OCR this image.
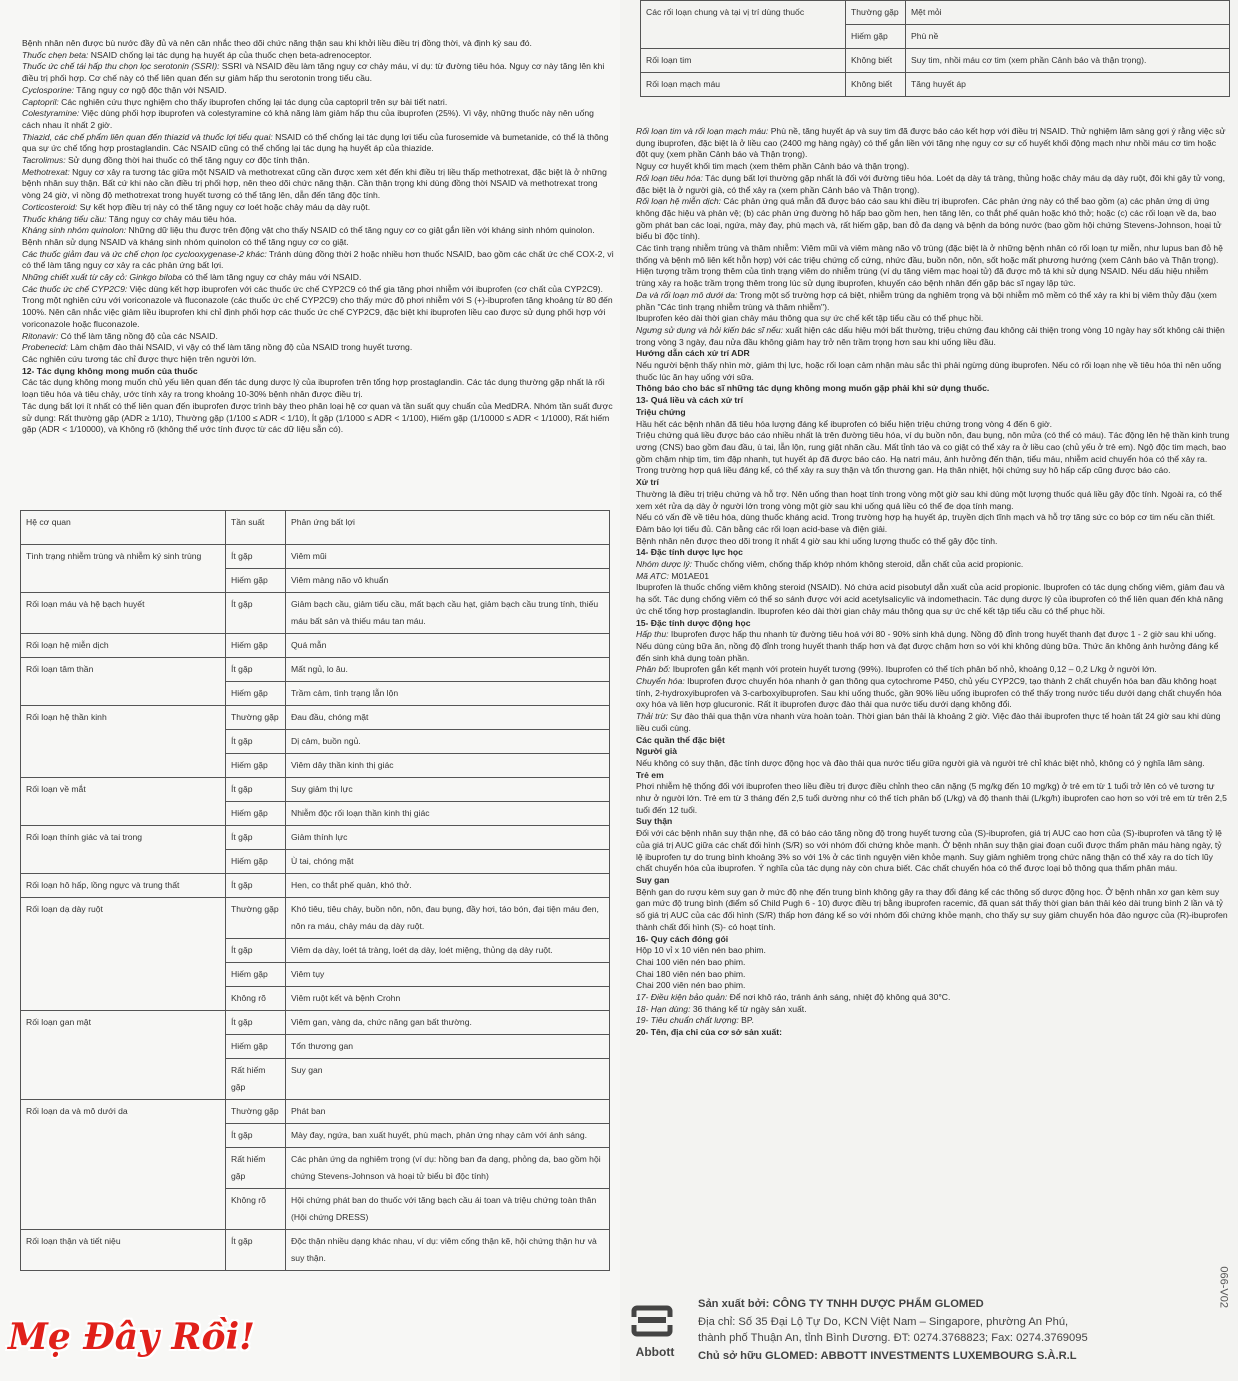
Bệnh nhân nên được bù nước đầy đủ và nên cân nhắc theo dõi chức năng thận sau khi khởi liều điều trị đồng thời, và định kỳ sau đó.

Thuốc chẹn beta: NSAID chống lại tác dụng hạ huyết áp của thuốc chẹn beta-adrenoceptor.

Thuốc ức chế tái hấp thu chọn lọc serotonin (SSRI): SSRI và NSAID đều làm tăng nguy cơ chảy máu, ví dụ: từ đường tiêu hóa. Nguy cơ này tăng lên khi điều trị phối hợp. Cơ chế này có thể liên quan đến sự giảm hấp thu serotonin trong tiểu cầu.

Cyclosporine: Tăng nguy cơ ngộ độc thận với NSAID.

Captopril: Các nghiên cứu thực nghiệm cho thấy ibuprofen chống lại tác dụng của captopril trên sự bài tiết natri.

Colestyramine: Việc dùng phối hợp ibuprofen và colestyramine có khả năng làm giảm hấp thu của ibuprofen (25%). Vì vậy, những thuốc này nên uống cách nhau ít nhất 2 giờ.

Thiazid, các chế phẩm liên quan đến thiazid và thuốc lợi tiểu quai: NSAID có thể chống lại tác dụng lợi tiểu của furosemide và bumetanide, có thể là thông qua sự ức chế tổng hợp prostaglandin. Các NSAID cũng có thể chống lại tác dụng hạ huyết áp của thiazide.

Tacrolimus: Sử dụng đồng thời hai thuốc có thể tăng nguy cơ độc tính thận.

Methotrexat: Nguy cơ xảy ra tương tác giữa một NSAID và methotrexat cũng cần được xem xét đến khi điều trị liều thấp methotrexat, đặc biệt là ở những bệnh nhân suy thận. Bất cứ khi nào cần điều trị phối hợp, nên theo dõi chức năng thận. Cần thận trọng khi dùng đồng thời NSAID và methotrexat trong vòng 24 giờ, vì nồng độ methotrexat trong huyết tương có thể tăng lên, dẫn đến tăng độc tính.

Corticosteroid: Sự kết hợp điều trị này có thể tăng nguy cơ loét hoặc chảy máu dạ dày ruột.

Thuốc kháng tiểu cầu: Tăng nguy cơ chảy máu tiêu hóa.

Kháng sinh nhóm quinolon: Những dữ liệu thu được trên động vật cho thấy NSAID có thể tăng nguy cơ co giật gắn liền với kháng sinh nhóm quinolon. Bệnh nhân sử dụng NSAID và kháng sinh nhóm quinolon có thể tăng nguy cơ co giật.

Các thuốc giảm đau và ức chế chọn lọc cyclooxygenase-2 khác: Tránh dùng đồng thời 2 hoặc nhiều hơn thuốc NSAID, bao gồm các chất ức chế COX-2, vì có thể làm tăng nguy cơ xảy ra các phản ứng bất lợi.

Những chiết xuất từ cây cỏ: Ginkgo biloba có thể làm tăng nguy cơ chảy máu với NSAID.

Các thuốc ức chế CYP2C9: Việc dùng kết hợp ibuprofen với các thuốc ức chế CYP2C9 có thể gia tăng phơi nhiễm với ibuprofen (cơ chất của CYP2C9). Trong một nghiên cứu với voriconazole và fluconazole (các thuốc ức chế CYP2C9) cho thấy mức độ phơi nhiễm với S (+)-ibuprofen tăng khoảng từ 80 đến 100%. Nên cân nhắc việc giảm liều ibuprofen khi chỉ định phối hợp các thuốc ức chế CYP2C9, đặc biệt khi ibuprofen liều cao được sử dụng phối hợp với voriconazole hoặc fluconazole.

Ritonavir: Có thể làm tăng nồng độ của các NSAID.

Probenecid: Làm chậm đào thải NSAID, vì vậy có thể làm tăng nồng độ của NSAID trong huyết tương.

Các nghiên cứu tương tác chỉ được thực hiện trên người lớn.

12- Tác dụng không mong muốn của thuốc

Các tác dụng không mong muốn chủ yếu liên quan đến tác dụng dược lý của ibuprofen trên tổng hợp prostaglandin. Các tác dụng thường gặp nhất là rối loạn tiêu hóa và tiêu chảy, ước tính xảy ra trong khoảng 10-30% bệnh nhân được điều trị.

Tác dụng bất lợi ít nhất có thể liên quan đến ibuprofen được trình bày theo phân loại hệ cơ quan và tần suất quy chuẩn của MedDRA. Nhóm tần suất được sử dụng: Rất thường gặp (ADR ≥ 1/10), Thường gặp (1/100 ≤ ADR < 1/10), Ít gặp (1/1000 ≤ ADR < 1/100), Hiếm gặp (1/10000 ≤ ADR < 1/1000), Rất hiếm gặp (ADR < 1/10000), và Không rõ (không thể ước tính được từ các dữ liệu sẵn có).

Hệ cơ quan	Tần suất	Phản ứng bất lợi
Tình trạng nhiễm trùng và nhiễm ký sinh trùng	Ít gặp	Viêm mũi
	Hiếm gặp	Viêm màng não vô khuẩn
Rối loạn máu và hệ bạch huyết	Ít gặp	Giảm bạch cầu, giảm tiểu cầu, mất bạch cầu hạt, giảm bạch cầu trung tính, thiếu máu bất sản và thiếu máu tan máu.
Rối loạn hệ miễn dịch	Hiếm gặp	Quá mẫn
Rối loạn tâm thần	Ít gặp	Mất ngủ, lo âu.
	Hiếm gặp	Trầm cảm, tình trạng lẫn lộn
Rối loạn hệ thần kinh	Thường gặp	Đau đầu, chóng mặt
	Ít gặp	Dị cảm, buồn ngủ.
	Hiếm gặp	Viêm dây thần kinh thị giác
Rối loạn về mắt	Ít gặp	Suy giảm thị lực
	Hiếm gặp	Nhiễm độc rối loạn thần kinh thị giác
Rối loạn thính giác và tai trong	Ít gặp	Giảm thính lực
	Hiếm gặp	Ù tai, chóng mặt
Rối loạn hô hấp, lồng ngực và trung thất	Ít gặp	Hen, co thắt phế quản, khó thở.
Rối loạn dạ dày ruột	Thường gặp	Khó tiêu, tiêu chảy, buồn nôn, nôn, đau bụng, đầy hơi, táo bón, đại tiện máu đen, nôn ra máu, chảy máu dạ dày ruột.
	Ít gặp	Viêm dạ dày, loét tá tràng, loét dạ dày, loét miệng, thủng dạ dày ruột.
	Hiếm gặp	Viêm tụy
	Không rõ	Viêm ruột kết và bệnh Crohn
Rối loạn gan mật	Ít gặp	Viêm gan, vàng da, chức năng gan bất thường.
	Hiếm gặp	Tổn thương gan
	Rất hiếm gặp	Suy gan
Rối loạn da và mô dưới da	Thường gặp	Phát ban
	Ít gặp	Mày đay, ngứa, ban xuất huyết, phù mạch, phản ứng nhạy cảm với ánh sáng.
	Rất hiếm gặp	Các phản ứng da nghiêm trọng (ví dụ: hồng ban đa dạng, phỏng da, bao gồm hội chứng Stevens-Johnson và hoại tử biểu bì độc tính)
	Không rõ	Hội chứng phát ban do thuốc với tăng bạch cầu ái toan và triệu chứng toàn thân (Hội chứng DRESS)
Rối loạn thận và tiết niệu	Ít gặp	Độc thận nhiều dạng khác nhau, ví dụ: viêm cống thận kẽ, hội chứng thận hư và suy thận.
Các rối loạn chung và tại vị trí dùng thuốc	Thường gặp	Mệt mỏi
	Hiếm gặp	Phù nề
Rối loạn tim	Không biết	Suy tim, nhồi máu cơ tim (xem phần Cảnh báo và thận trọng).
Rối loạn mạch máu	Không biết	Tăng huyết áp

Rối loạn tim và rối loạn mạch máu: Phù nề, tăng huyết áp và suy tim đã được báo cáo kết hợp với điều trị NSAID. Thử nghiệm lâm sàng gợi ý rằng việc sử dụng ibuprofen, đặc biệt là ở liều cao (2400 mg hàng ngày) có thể gắn liền với tăng nhẹ nguy cơ sự cố huyết khối động mạch như nhồi máu cơ tim hoặc đột quỵ (xem phần Cảnh báo và Thận trọng).

Nguy cơ huyết khối tim mạch (xem thêm phần Cảnh báo và thận trọng).

Rối loạn tiêu hóa: Tác dụng bất lợi thường gặp nhất là đối với đường tiêu hóa. Loét dạ dày tá tràng, thủng hoặc chảy máu dạ dày ruột, đôi khi gây tử vong, đặc biệt là ở người già, có thể xảy ra (xem phần Cảnh báo và Thận trọng).

Rối loạn hệ miễn dịch: Các phản ứng quá mẫn đã được báo cáo sau khi điều trị ibuprofen. Các phản ứng này có thể bao gồm (a) các phản ứng dị ứng không đặc hiệu và phản vệ; (b) các phản ứng đường hô hấp bao gồm hen, hen tăng lên, co thắt phế quản hoặc khó thở; hoặc (c) các rối loạn về da, bao gồm phát ban các loại, ngứa, mày đay, phù mạch và, rất hiếm gặp, ban đỏ đa dạng và bệnh da bóng nước (bao gồm hội chứng Stevens-Johnson, hoại tử biểu bì độc tính).

Các tình trạng nhiễm trùng và thâm nhiễm: Viêm mũi và viêm màng não vô trùng (đặc biệt là ở những bệnh nhân có rối loạn tự miễn, như lupus ban đỏ hệ thống và bệnh mô liên kết hỗn hợp) với các triệu chứng cổ cứng, nhức đầu, buồn nôn, nôn, sốt hoặc mất phương hướng (xem Cảnh báo và Thận trọng).

Hiện tượng trầm trọng thêm của tình trạng viêm do nhiễm trùng (ví dụ tăng viêm mạc hoại tử) đã được mô tả khi sử dụng NSAID. Nếu dấu hiệu nhiễm trùng xảy ra hoặc trầm trọng thêm trong lúc sử dụng ibuprofen, khuyến cáo bệnh nhân đến gặp bác sĩ ngay lập tức.

Da và rối loạn mô dưới da: Trong một số trường hợp cá biệt, nhiễm trùng da nghiêm trọng và bội nhiễm mô mềm có thể xảy ra khi bị viêm thủy đậu (xem phần "Các tình trạng nhiễm trùng và thâm nhiễm").

Ibuprofen kéo dài thời gian chảy máu thông qua sự ức chế kết tập tiểu cầu có thể phục hồi.

Ngưng sử dụng và hỏi kiến bác sĩ nếu: xuất hiện các dấu hiệu mới bất thường, triệu chứng đau không cải thiện trong vòng 10 ngày hay sốt không cải thiện trong vòng 3 ngày, đau nửa đầu không giảm hay trở nên trầm trọng hơn sau khi uống liều đầu.

Hướng dẫn cách xử trí ADR

Nếu người bệnh thấy nhìn mờ, giảm thị lực, hoặc rối loạn cảm nhận màu sắc thì phải ngừng dùng ibuprofen. Nếu có rối loạn nhẹ về tiêu hóa thì nên uống thuốc lúc ăn hay uống với sữa.

Thông báo cho bác sĩ những tác dụng không mong muốn gặp phải khi sử dụng thuốc.

13- Quá liều và cách xử trí

Triệu chứng

Hầu hết các bệnh nhân đã tiêu hóa lượng đáng kể ibuprofen có biểu hiện triệu chứng trong vòng 4 đến 6 giờ.

Triệu chứng quá liều được báo cáo nhiều nhất là trên đường tiêu hóa, ví dụ buồn nôn, đau bụng, nôn mửa (có thể có máu). Tác động lên hệ thần kinh trung ương (CNS) bao gồm đau đầu, ù tai, lẫn lộn, rung giật nhãn cầu. Mất tỉnh táo và co giật có thể xảy ra ở liều cao (chủ yếu ở trẻ em). Ngộ độc tim mạch, bao gồm chậm nhịp tim, tim đập nhanh, tụt huyết áp đã được báo cáo. Hạ natri máu, ảnh hưởng đến thận, tiểu máu, nhiễm acid chuyển hóa có thể xảy ra. Trong trường hợp quá liều đáng kể, có thể xảy ra suy thận và tổn thương gan. Hạ thân nhiệt, hội chứng suy hô hấp cấp cũng được báo cáo.

Xử trí

Thường là điều trị triệu chứng và hỗ trợ. Nên uống than hoạt tính trong vòng một giờ sau khi dùng một lượng thuốc quá liều gây độc tính. Ngoài ra, có thể xem xét rửa dạ dày ở người lớn trong vòng một giờ sau khi uống quá liều có thể đe dọa tính mạng.

Nếu có vấn đề về tiêu hóa, dùng thuốc kháng acid. Trong trường hợp hạ huyết áp, truyền dịch tĩnh mạch và hỗ trợ tăng sức co bóp cơ tim nếu cần thiết. Đảm bảo lợi tiểu đủ. Cân bằng các rối loạn acid-base và điện giải.

Bệnh nhân nên được theo dõi trong ít nhất 4 giờ sau khi uống lượng thuốc có thể gây độc tính.

14- Đặc tính dược lực học

Nhóm dược lý: Thuốc chống viêm, chống thấp khớp nhóm không steroid, dẫn chất của acid propionic.

Mã ATC: M01AE01

Ibuprofen là thuốc chống viêm không steroid (NSAID). Nó chứa acid pisobutyl dẫn xuất của acid propionic. Ibuprofen có tác dụng chống viêm, giảm đau và hạ sốt. Tác dụng chống viêm có thể so sánh được với acid acetylsalicylic và indomethacin. Tác dụng dược lý của ibuprofen có thể liên quan đến khả năng ức chế tổng hợp prostaglandin. Ibuprofen kéo dài thời gian chảy máu thông qua sự ức chế kết tập tiểu cầu có thể phục hồi.

15- Đặc tính dược động học

Hấp thu: Ibuprofen được hấp thu nhanh từ đường tiêu hoá với 80 - 90% sinh khả dụng. Nồng độ đỉnh trong huyết thanh đạt được 1 - 2 giờ sau khi uống.

Nếu dùng cùng bữa ăn, nồng độ đỉnh trong huyết thanh thấp hơn và đạt được chậm hơn so với khi không dùng bữa. Thức ăn không ảnh hưởng đáng kể đến sinh khả dụng toàn phần.

Phân bố: Ibuprofen gắn kết mạnh với protein huyết tương (99%). Ibuprofen có thể tích phân bố nhỏ, khoảng 0,12 – 0,2 L/kg ở người lớn.

Chuyển hóa: Ibuprofen được chuyển hóa nhanh ở gan thông qua cytochrome P450, chủ yếu CYP2C9, tạo thành 2 chất chuyển hóa ban đầu không hoạt tính, 2-hydroxyibuprofen và 3-carboxyibuprofen. Sau khi uống thuốc, gần 90% liều uống ibuprofen có thể thấy trong nước tiểu dưới dạng chất chuyển hóa oxy hóa và liên hợp glucuronic. Rất ít ibuprofen được đào thải qua nước tiểu dưới dạng không đổi.

Thải trừ: Sự đào thải qua thận vừa nhanh vừa hoàn toàn. Thời gian bán thải là khoảng 2 giờ. Việc đào thải ibuprofen thực tế hoàn tất 24 giờ sau khi dùng liều cuối cùng.

Các quần thể đặc biệt

Người già

Nếu không có suy thận, đặc tính dược động học và đào thải qua nước tiểu giữa người già và người trẻ chỉ khác biệt nhỏ, không có ý nghĩa lâm sàng.

Trẻ em

Phơi nhiễm hệ thống đối với ibuprofen theo liều điều trị được điều chỉnh theo cân nặng (5 mg/kg đến 10 mg/kg) ở trẻ em từ 1 tuổi trở lên có vẻ tương tự như ở người lớn. Trẻ em từ 3 tháng đến 2,5 tuổi dường như có thể tích phân bố (L/kg) và độ thanh thải (L/kg/h) ibuprofen cao hơn so với trẻ em từ trên 2,5 tuổi đến 12 tuổi.

Suy thận

Đối với các bệnh nhân suy thận nhẹ, đã có báo cáo tăng nồng độ trong huyết tương của (S)-ibuprofen, giá trị AUC cao hơn của (S)-ibuprofen và tăng tỷ lệ của giá trị AUC giữa các chất đối hình (S/R) so với nhóm đối chứng khỏe mạnh. Ở bệnh nhân suy thận giai đoạn cuối được thẩm phân máu hàng ngày, tỷ lệ ibuprofen tự do trung bình khoảng 3% so với 1% ở các tình nguyện viên khỏe mạnh. Suy giảm nghiêm trọng chức năng thận có thể xảy ra do tích lũy chất chuyển hóa của ibuprofen. Ý nghĩa của tác dụng này còn chưa biết. Các chất chuyển hóa có thể được loại bỏ thông qua thẩm phân máu.

Suy gan

Bệnh gan do rượu kèm suy gan ở mức độ nhẹ đến trung bình không gây ra thay đổi đáng kể các thông số dược động học. Ở bệnh nhân xơ gan kèm suy gan mức độ trung bình (điểm số Child Pugh 6 - 10) được điều trị bằng ibuprofen racemic, đã quan sát thấy thời gian bán thải kéo dài trung bình 2 lần và tỷ số giá trị AUC của các đối hình (S/R) thấp hơn đáng kể so với nhóm đối chứng khỏe mạnh, cho thấy sự suy giảm chuyển hóa đảo ngược của (R)-ibuprofen thành chất đối hình (S)- có hoạt tính.

16- Quy cách đóng gói

Hộp 10 vỉ x 10 viên nén bao phim.

Chai 100 viên nén bao phim.

Chai 180 viên nén bao phim.

Chai 200 viên nén bao phim.

17- Điều kiện bảo quản: Để nơi khô ráo, tránh ánh sáng, nhiệt độ không quá 30°C.

18- Hạn dùng: 36 tháng kể từ ngày sản xuất.

19- Tiêu chuẩn chất lượng: BP.

20- Tên, địa chỉ của cơ sở sản xuất:

Abbott
Sản xuất bởi: CÔNG TY TNHH DƯỢC PHẨM GLOMED
Địa chỉ: Số 35 Đại Lộ Tự Do, KCN Việt Nam – Singapore, phường An Phú,
thành phố Thuận An, tỉnh Bình Dương. ĐT: 0274.3768823; Fax: 0274.3769095
Chủ sở hữu GLOMED: ABBOTT INVESTMENTS LUXEMBOURG S.À.R.L
066-V02
Mẹ Đây Rồi!
